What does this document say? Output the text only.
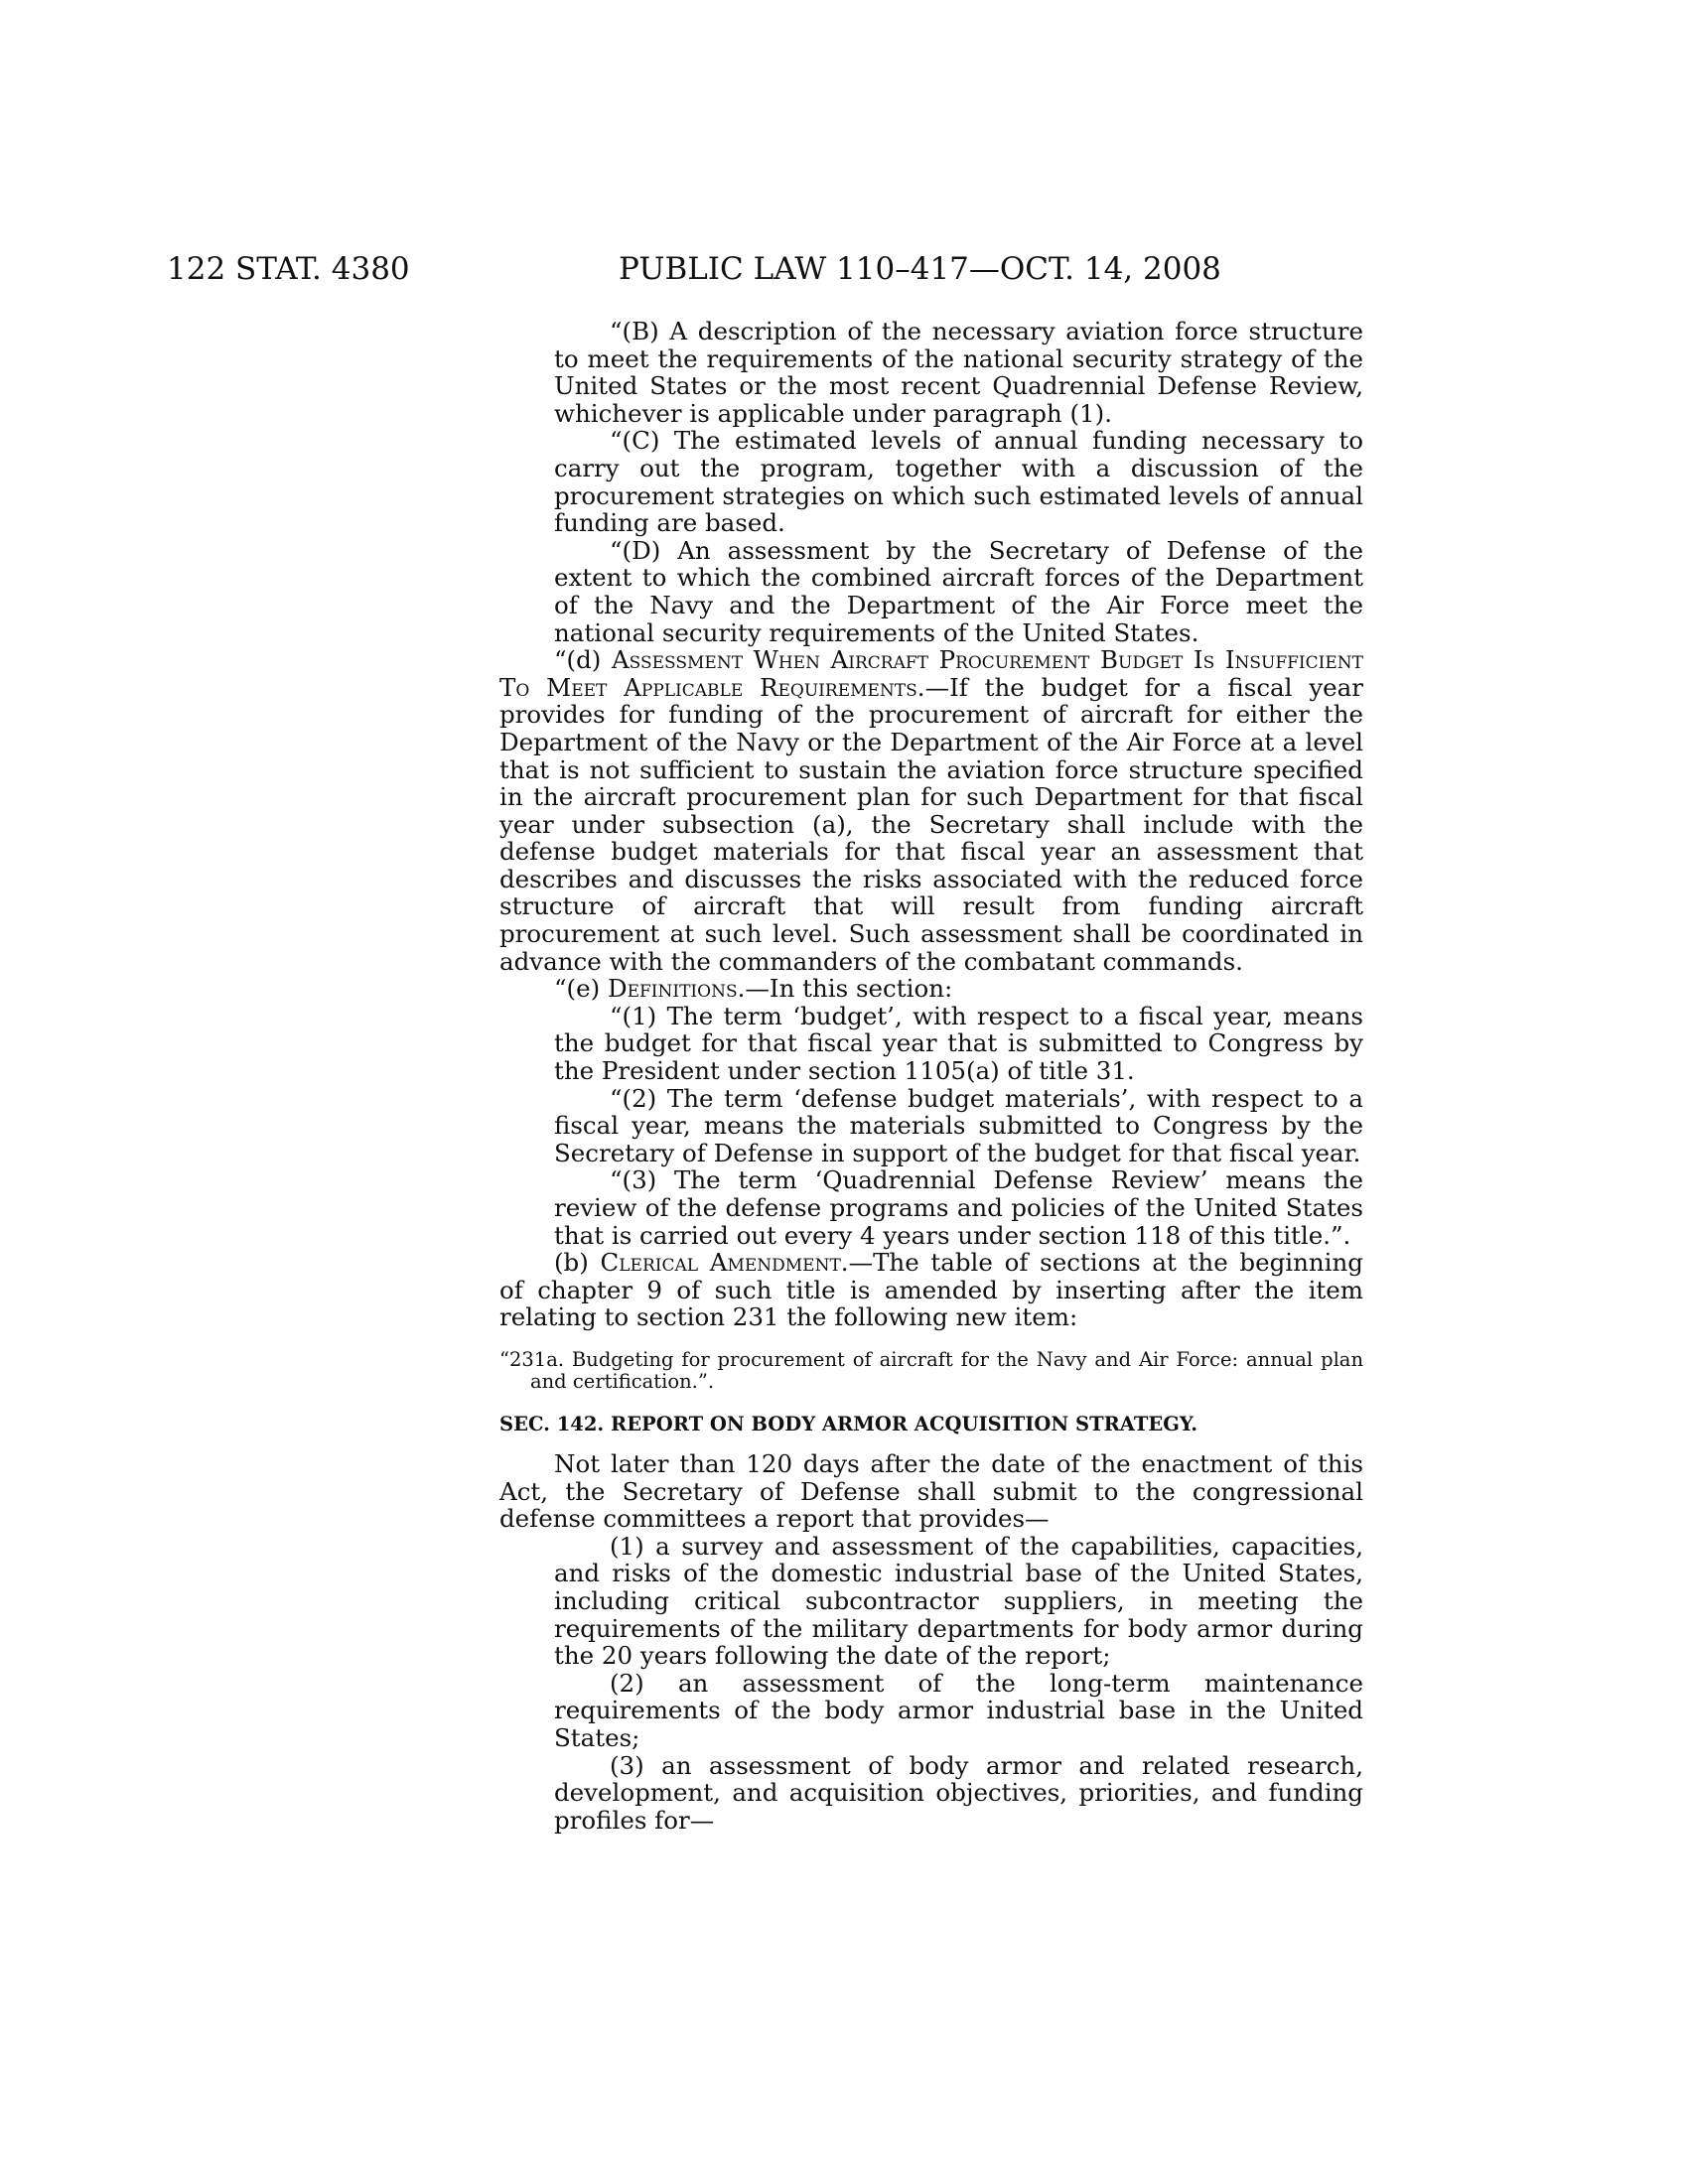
122 STAT. 4380	PUBLIC LAW 110–417—OCT. 14, 2008

“(B) A description of the necessary aviation force structure to meet the requirements of the national security strategy of the United States or the most recent Quadrennial Defense Review, whichever is applicable under paragraph (1).

“(C) The estimated levels of annual funding necessary to carry out the program, together with a discussion of the procurement strategies on which such estimated levels of annual funding are based.

“(D) An assessment by the Secretary of Defense of the extent to which the combined aircraft forces of the Department of the Navy and the Department of the Air Force meet the national security requirements of the United States.

“(d) Assessment When Aircraft Procurement Budget Is Insufficient To Meet Applicable Requirements.—If the budget for a fiscal year provides for funding of the procurement of aircraft for either the Department of the Navy or the Department of the Air Force at a level that is not sufficient to sustain the aviation force structure specified in the aircraft procurement plan for such Department for that fiscal year under subsection (a), the Secretary shall include with the defense budget materials for that fiscal year an assessment that describes and discusses the risks associated with the reduced force structure of aircraft that will result from funding aircraft procurement at such level. Such assessment shall be coordinated in advance with the commanders of the combatant commands.

“(e) Definitions.—In this section:

“(1) The term ‘budget’, with respect to a fiscal year, means the budget for that fiscal year that is submitted to Congress by the President under section 1105(a) of title 31.

“(2) The term ‘defense budget materials’, with respect to a fiscal year, means the materials submitted to Congress by the Secretary of Defense in support of the budget for that fiscal year.

“(3) The term ‘Quadrennial Defense Review’ means the review of the defense programs and policies of the United States that is carried out every 4 years under section 118 of this title.”.

(b) Clerical Amendment.—The table of sections at the beginning of chapter 9 of such title is amended by inserting after the item relating to section 231 the following new item:

“231a. Budgeting for procurement of aircraft for the Navy and Air Force: annual plan and certification.”.

SEC. 142. REPORT ON BODY ARMOR ACQUISITION STRATEGY.

Not later than 120 days after the date of the enactment of this Act, the Secretary of Defense shall submit to the congressional defense committees a report that provides—

(1) a survey and assessment of the capabilities, capacities, and risks of the domestic industrial base of the United States, including critical subcontractor suppliers, in meeting the requirements of the military departments for body armor during the 20 years following the date of the report;

(2) an assessment of the long-term maintenance requirements of the body armor industrial base in the United States;

(3) an assessment of body armor and related research, development, and acquisition objectives, priorities, and funding profiles for—
